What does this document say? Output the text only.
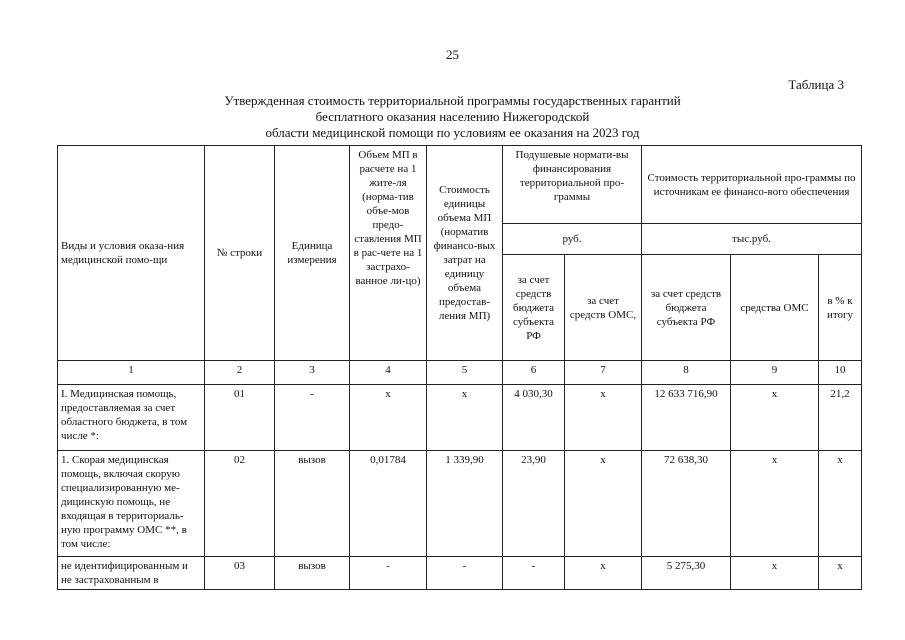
25
Таблица 3
Утвержденная стоимость территориальной программы государственных гарантий
бесплатного оказания населению Нижегородской
области медицинской помощи по условиям ее оказания на 2023 год
Виды и условия оказа-ния медицинской помо-щи	№ строки	Единица измерения	Объем МП в расчете на 1 жите-ля (норма-тив объе-мов предо-ставления МП в рас-чете на 1 застрахо-ванное ли-цо)	Стоимость единицы объема МП (норматив финансо-вых затрат на единицу объема предостав-ления МП)	Подушевые нормати-вы финансирования территориальной про-граммы		Стоимость территориальной про-граммы по источникам ее финансо-вого обеспечения		
					руб.		тыс.руб.		
					за счет средств бюджета субъекта РФ	за счет средств ОМС,	за счет средств бюджета субъекта РФ	средства ОМС	в % к итогу
1	2	3	4	5	6	7	8	9	10
I. Медицинская помощь, предоставляемая за счет областного бюджета, в том числе *:	01	-	х	х	4 030,30	х	12 633 716,90	х	21,2
1. Скорая медицинская помощь, включая скорую специализированную ме-дицинскую помощь, не входящая в территориаль-ную программу ОМС **, в том числе:	02	вызов	0,01784	1 339,90	23,90	х	72 638,30	х	х
не идентифицированным и не застрахованным в	03	вызов	-	-	-	х	5 275,30	х	х
